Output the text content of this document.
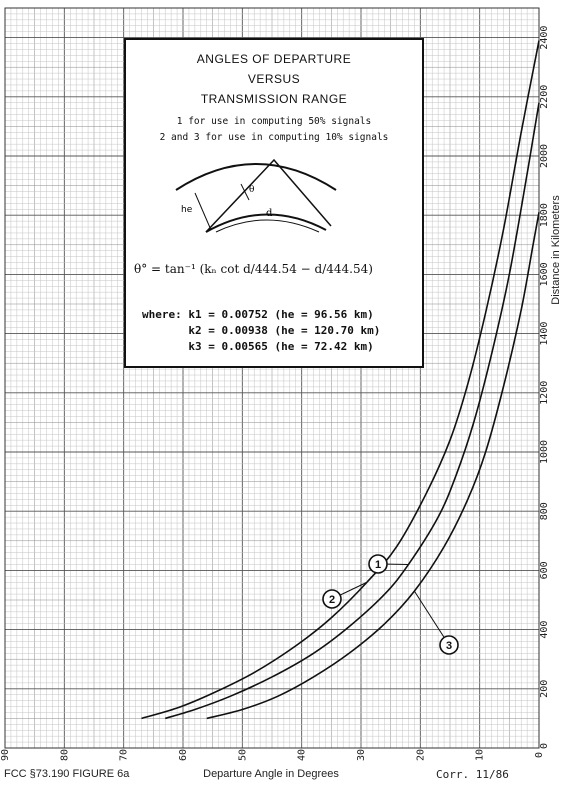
1
2
3
90	80	70	60	50	40	30	20	10	0
0
200
400
600
800
1000
1200
1400
1600
1800
2000
2200
2400
Distance in Kilometers
Departure Angle in Degrees
ANGLES OF DEPARTURE
VERSUS
TRANSMISSION RANGE
1 for use in computing 50% signals
2 and 3 for use in computing 10% signals
he
θ
d
θ° = tan⁻¹ (kₙ cot d/444.54 − d/444.54)
where: k1 = 0.00752 (he = 96.56 km)
k2 = 0.00938 (he = 120.70 km)
k3 = 0.00565 (he = 72.42 km)
FCC §73.190 FIGURE 6a	Corr. 11/86
